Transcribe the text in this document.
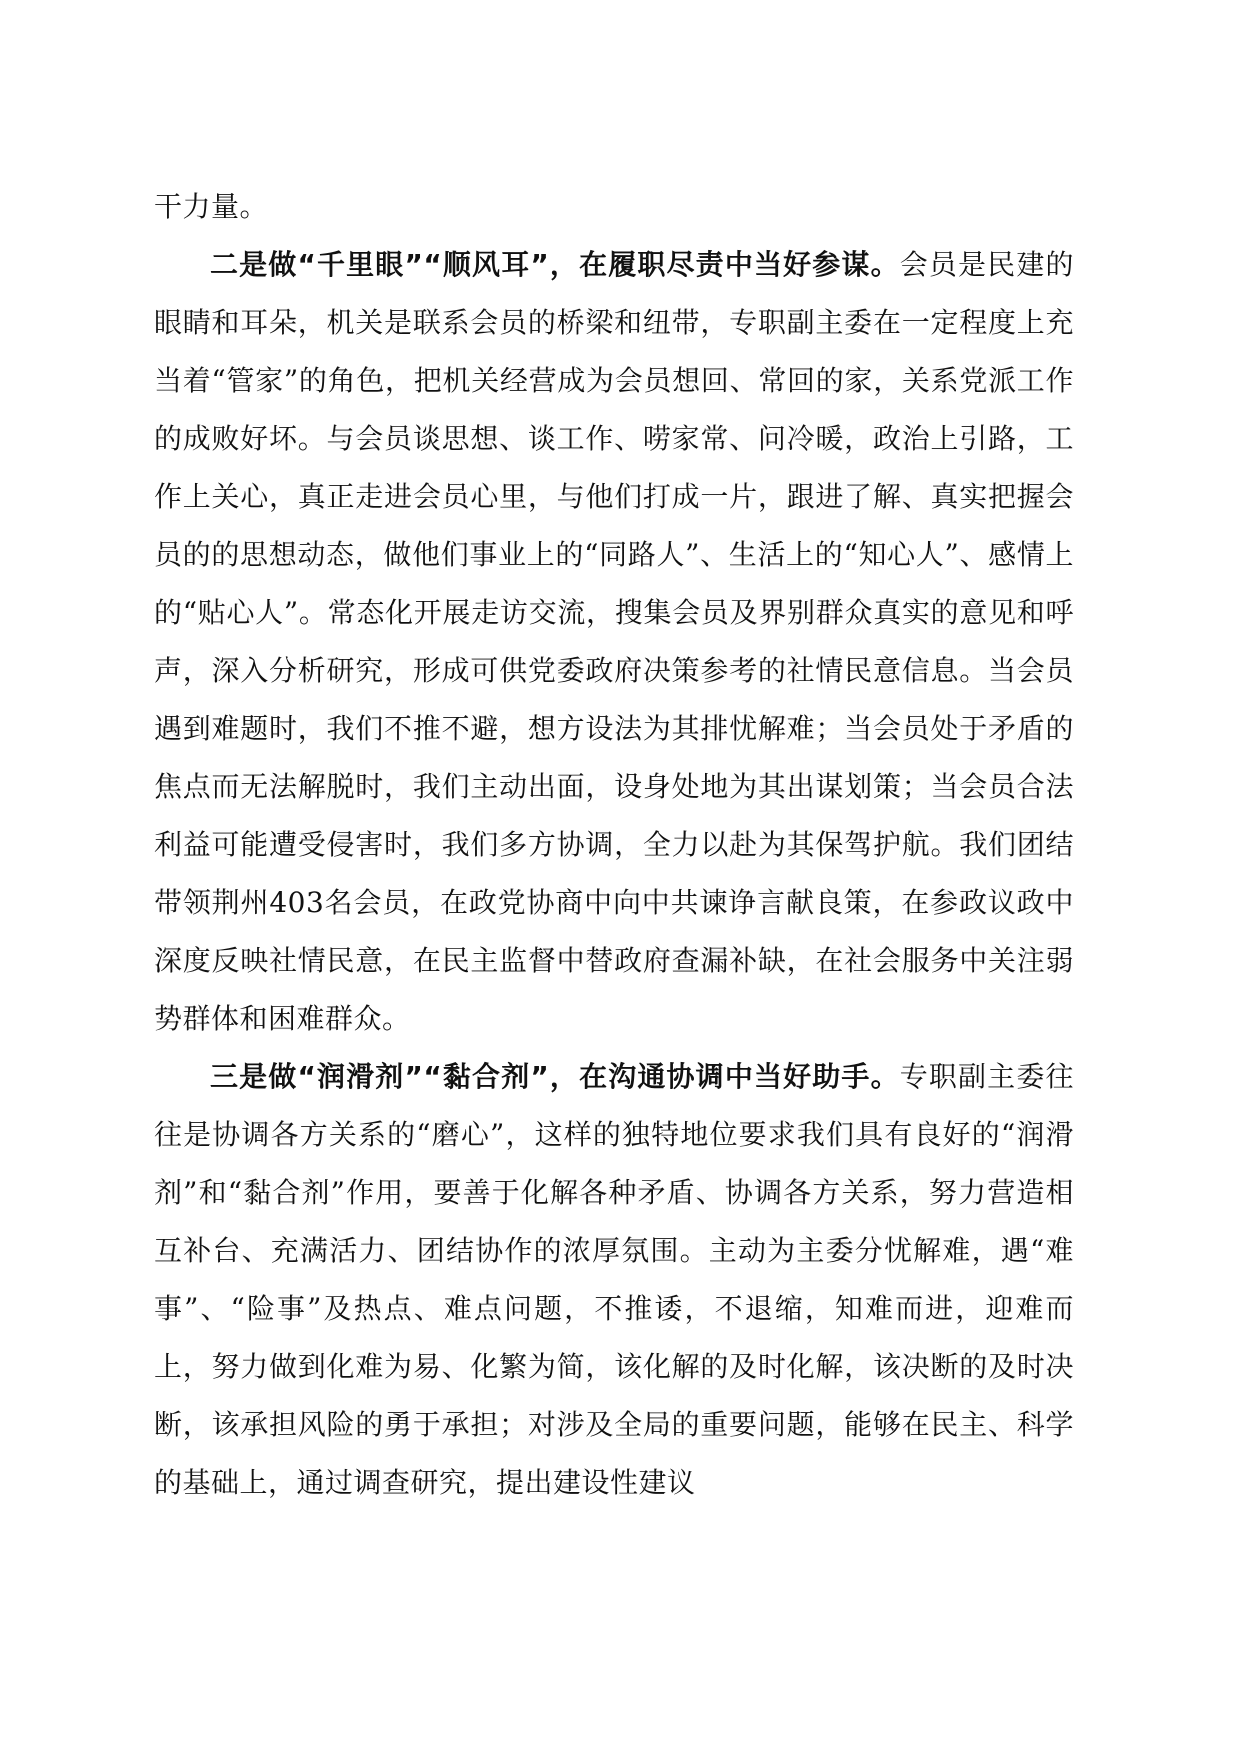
干力量。

二是做“千里眼”“顺风耳”，在履职尽责中当好参谋。会员是民建的眼睛和耳朵，机关是联系会员的桥梁和纽带，专职副主委在一定程度上充当着“管家”的角色，把机关经营成为会员想回、常回的家，关系党派工作的成败好坏。与会员谈思想、谈工作、唠家常、问冷暖，政治上引路，工作上关心，真正走进会员心里，与他们打成一片，跟进了解、真实把握会员的的思想动态，做他们事业上的“同路人”、生活上的“知心人”、感情上的“贴心人”。常态化开展走访交流，搜集会员及界别群众真实的意见和呼声，深入分析研究，形成可供党委政府决策参考的社情民意信息。当会员遇到难题时，我们不推不避，想方设法为其排忧解难；当会员处于矛盾的焦点而无法解脱时，我们主动出面，设身处地为其出谋划策；当会员合法利益可能遭受侵害时，我们多方协调，全力以赴为其保驾护航。我们团结带领荆州403名会员，在政党协商中向中共谏诤言献良策，在参政议政中深度反映社情民意，在民主监督中替政府查漏补缺，在社会服务中关注弱势群体和困难群众。

三是做“润滑剂”“黏合剂”，在沟通协调中当好助手。专职副主委往往是协调各方关系的“磨心”，这样的独特地位要求我们具有良好的“润滑剂”和“黏合剂”作用，要善于化解各种矛盾、协调各方关系，努力营造相互补台、充满活力、团结协作的浓厚氛围。主动为主委分忧解难，遇“难事”、“险事”及热点、难点问题，不推诿，不退缩，知难而进，迎难而上，努力做到化难为易、化繁为简，该化解的及时化解，该决断的及时决断，该承担风险的勇于承担；对涉及全局的重要问题，能够在民主、科学的基础上，通过调查研究，提出建设性建议
